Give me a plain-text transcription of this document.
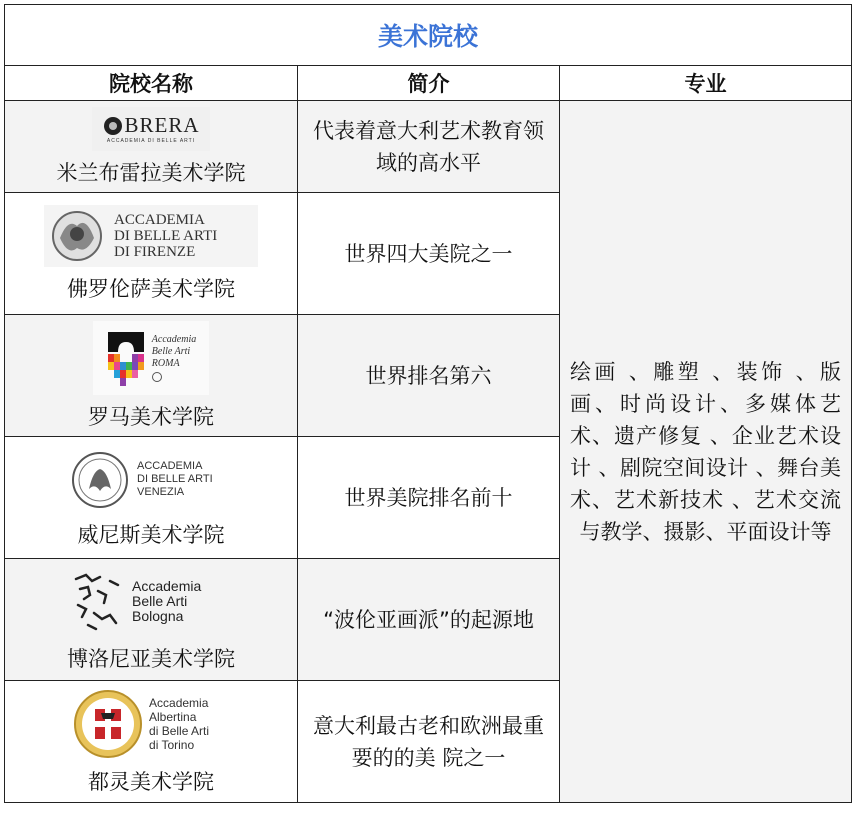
美术院校		
院校名称	简介	专业

BRERA
ACCADEMIA DI BELLE ARTI
米兰布雷拉美术学院	代表着意大利艺术教育领域的高水平	绘画 、雕塑 、装饰 、版画、时尚设计、多媒体艺术、遗产修复 、企业艺术设计 、剧院空间设计 、舞台美术、艺术新技术 、艺术交流与教学、摄影、平面设计等

ACCADEMIA
DI BELLE ARTI
DI FIRENZE
佛罗伦萨美术学院	世界四大美院之一	

Accademia
Belle Arti
ROMA
罗马美术学院	世界排名第六	

ACCADEMIA
DI BELLE ARTI
VENEZIA
威尼斯美术学院	世界美院排名前十	

Accademia
Belle Arti
Bologna
博洛尼亚美术学院	“波伦亚画派”的起源地	

Accademia
Albertina
di Belle Arti
di Torino
都灵美术学院	意大利最古老和欧洲最重要的的美 院之一	
